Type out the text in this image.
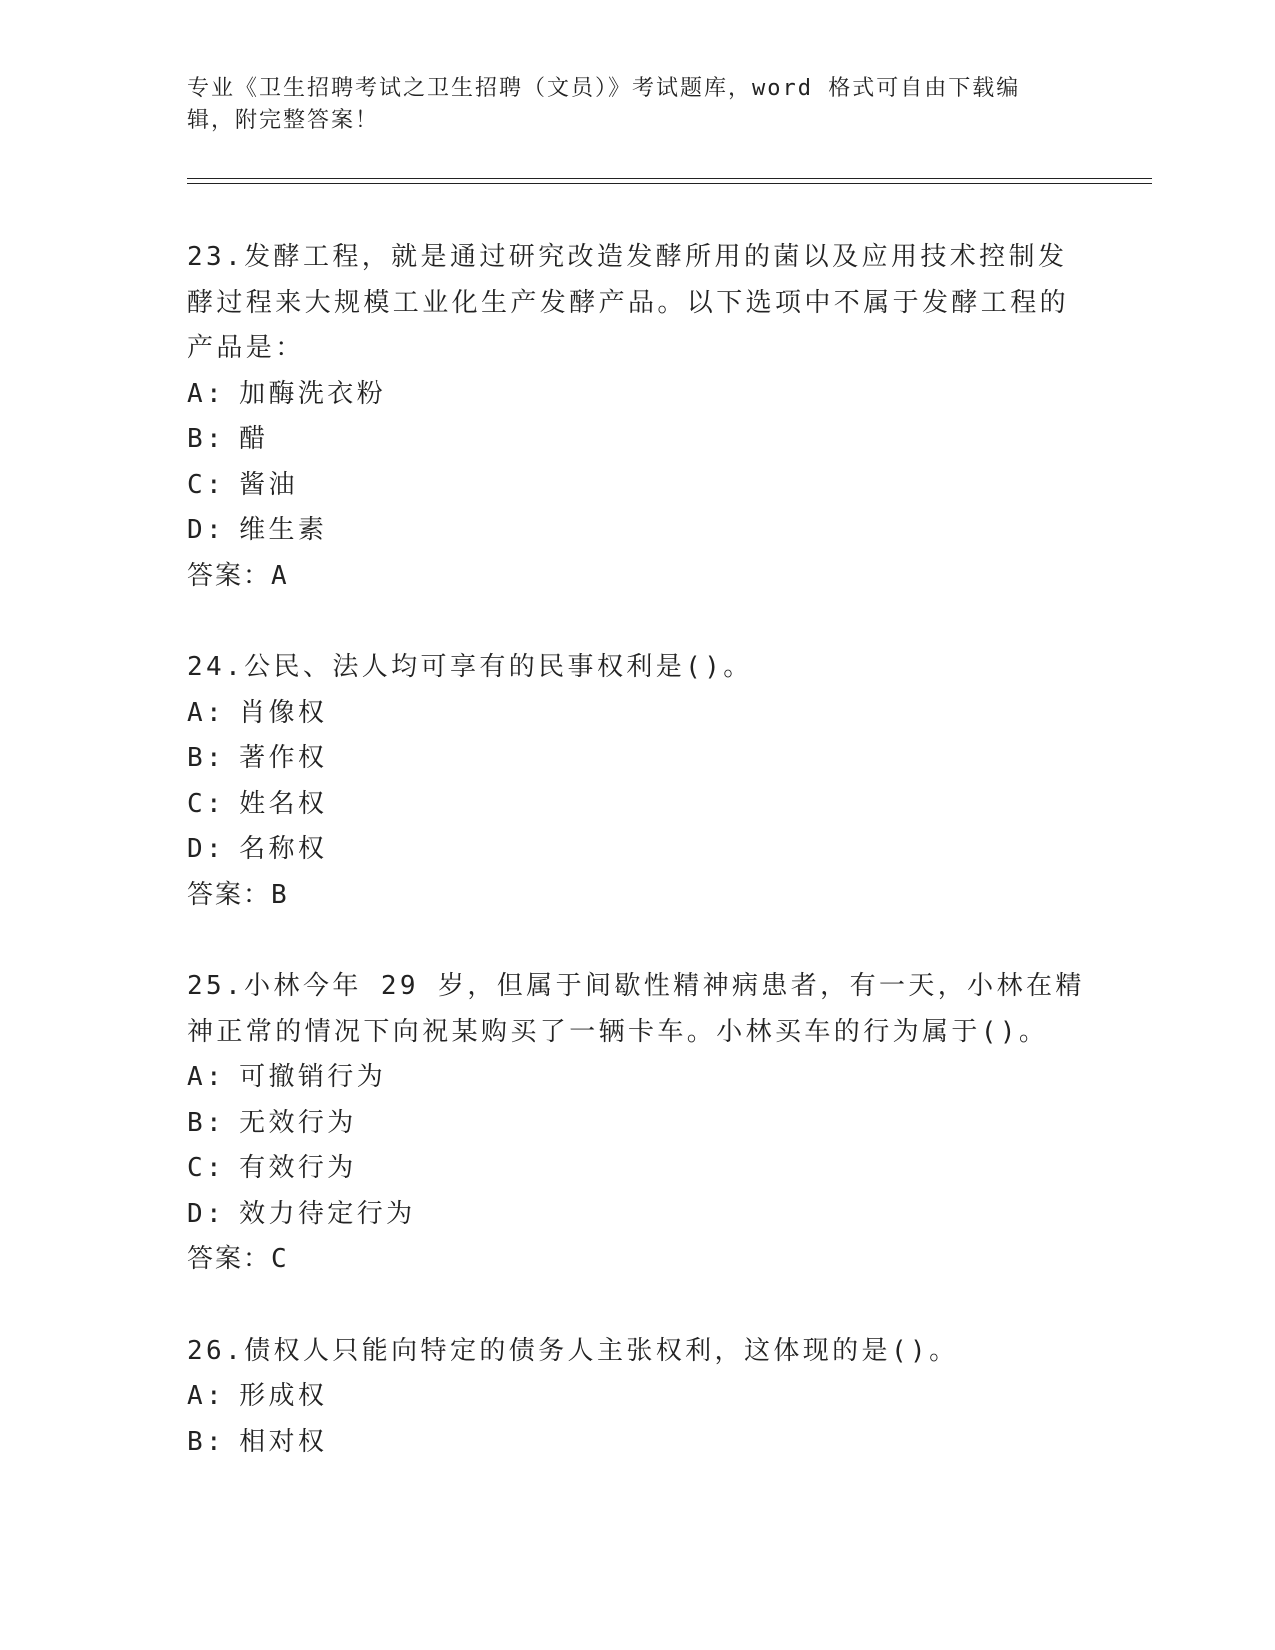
专业《卫生招聘考试之卫生招聘（文员）》考试题库，word 格式可自由下载编辑，附完整答案！

23.发酵工程，就是通过研究改造发酵所用的菌以及应用技术控制发酵过程来大规模工业化生产发酵产品。以下选项中不属于发酵工程的产品是：

A: 加酶洗衣粉

B: 醋

C: 酱油

D: 维生素

答案：A

24.公民、法人均可享有的民事权利是()。

A: 肖像权

B: 著作权

C: 姓名权

D: 名称权

答案：B

25.小林今年 29 岁，但属于间歇性精神病患者，有一天，小林在精神正常的情况下向祝某购买了一辆卡车。小林买车的行为属于()。

A: 可撤销行为

B: 无效行为

C: 有效行为

D: 效力待定行为

答案：C

26.债权人只能向特定的债务人主张权利，这体现的是()。

A: 形成权

B: 相对权
